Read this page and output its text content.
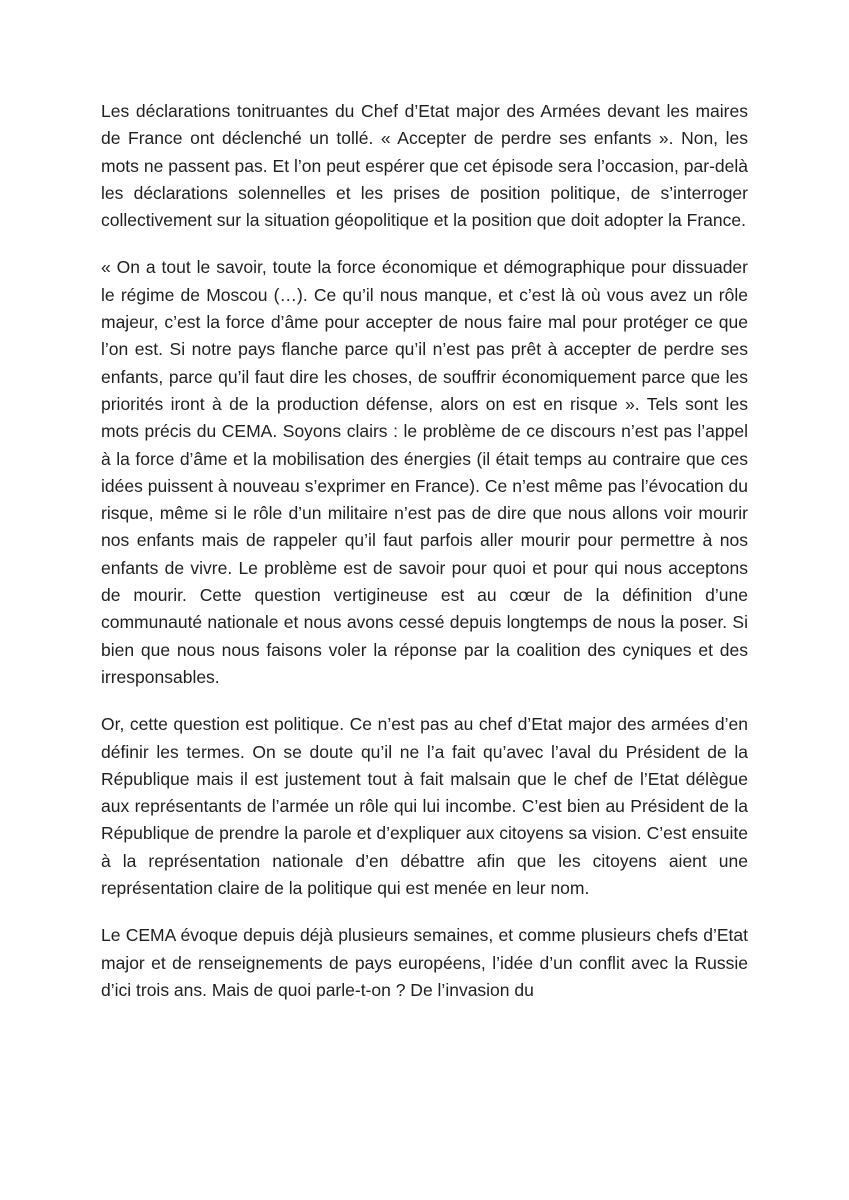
Les déclarations tonitruantes du Chef d’Etat major des Armées devant les maires de France ont déclenché un tollé. « Accepter de perdre ses enfants ». Non, les mots ne passent pas. Et l’on peut espérer que cet épisode sera l’occasion, par-delà les déclarations solennelles et les prises de position politique, de s’interroger collectivement sur la situation géopolitique et la position que doit adopter la France.

« On a tout le savoir, toute la force économique et démographique pour dissuader le régime de Moscou (…). Ce qu’il nous manque, et c’est là où vous avez un rôle majeur, c’est la force d’âme pour accepter de nous faire mal pour protéger ce que l’on est. Si notre pays flanche parce qu’il n’est pas prêt à accepter de perdre ses enfants, parce qu’il faut dire les choses, de souffrir économiquement parce que les priorités iront à de la production défense, alors on est en risque ». Tels sont les mots précis du CEMA. Soyons clairs : le problème de ce discours n’est pas l’appel à la force d’âme et la mobilisation des énergies (il était temps au contraire que ces idées puissent à nouveau s’exprimer en France). Ce n’est même pas l’évocation du risque, même si le rôle d’un militaire n’est pas de dire que nous allons voir mourir nos enfants mais de rappeler qu’il faut parfois aller mourir pour permettre à nos enfants de vivre. Le problème est de savoir pour quoi et pour qui nous acceptons de mourir. Cette question vertigineuse est au cœur de la définition d’une communauté nationale et nous avons cessé depuis longtemps de nous la poser. Si bien que nous nous faisons voler la réponse par la coalition des cyniques et des irresponsables.

Or, cette question est politique. Ce n’est pas au chef d’Etat major des armées d’en définir les termes. On se doute qu’il ne l’a fait qu’avec l’aval du Président de la République mais il est justement tout à fait malsain que le chef de l’Etat délègue aux représentants de l’armée un rôle qui lui incombe. C’est bien au Président de la République de prendre la parole et d’expliquer aux citoyens sa vision. C’est ensuite à la représentation nationale d’en débattre afin que les citoyens aient une représentation claire de la politique qui est menée en leur nom.

Le CEMA évoque depuis déjà plusieurs semaines, et comme plusieurs chefs d’Etat major et de renseignements de pays européens, l’idée d’un conflit avec la Russie d’ici trois ans. Mais de quoi parle-t-on ? De l’invasion du
